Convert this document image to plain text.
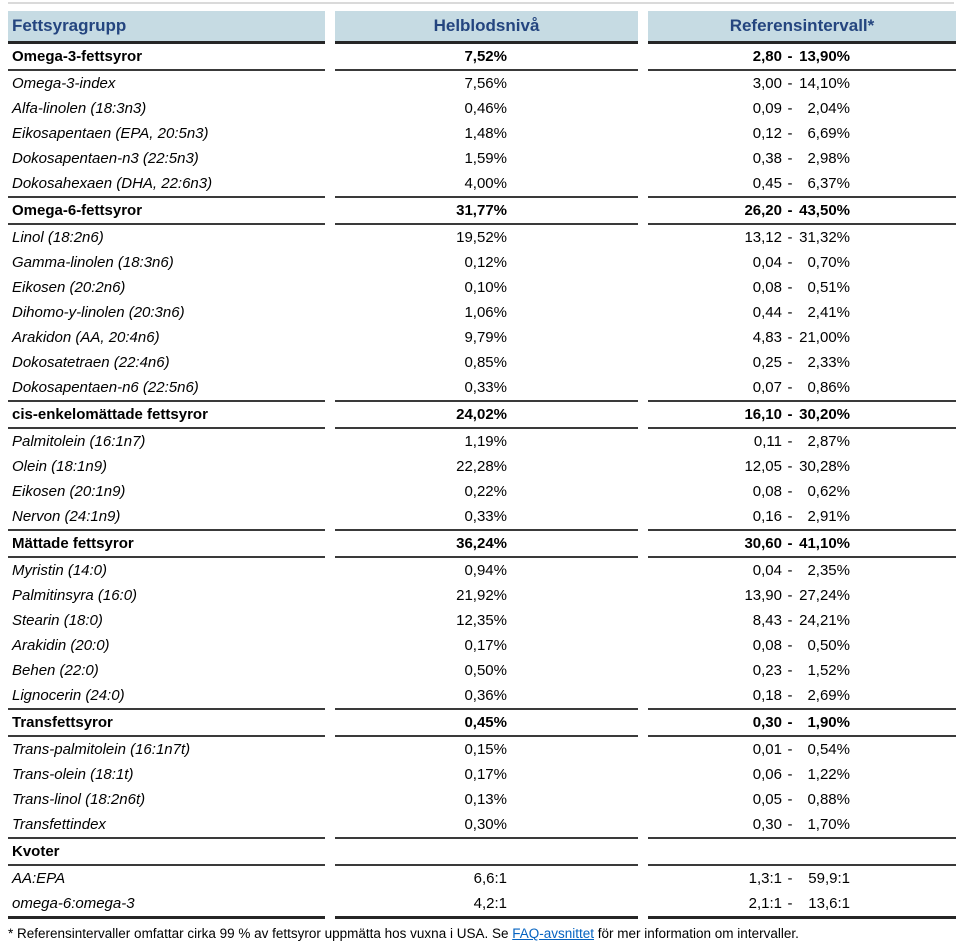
Fettsyragrupp	Helblodsnivå	Referensintervall*
Omega-3-fettsyror	7,52%	2,80 - 13,90%

Omega-3-index	7,56%	3,00 - 14,10%

Alfa-linolen (18:3n3)	0,46%	0,09 - 2,04%

Eikosapentaen (EPA, 20:5n3)	1,48%	0,12 - 6,69%

Dokosapentaen-n3 (22:5n3)	1,59%	0,38 - 2,98%

Dokosahexaen (DHA, 22:6n3)	4,00%	0,45 - 6,37%

Omega-6-fettsyror	31,77%	26,20 - 43,50%

Linol (18:2n6)	19,52%	13,12 - 31,32%

Gamma-linolen (18:3n6)	0,12%	0,04 - 0,70%

Eikosen (20:2n6)	0,10%	0,08 - 0,51%

Dihomo-y-linolen (20:3n6)	1,06%	0,44 - 2,41%

Arakidon (AA, 20:4n6)	9,79%	4,83 - 21,00%

Dokosatetraen (22:4n6)	0,85%	0,25 - 2,33%

Dokosapentaen-n6 (22:5n6)	0,33%	0,07 - 0,86%

cis-enkelomättade fettsyror	24,02%	16,10 - 30,20%

Palmitolein (16:1n7)	1,19%	0,11 - 2,87%

Olein (18:1n9)	22,28%	12,05 - 30,28%

Eikosen (20:1n9)	0,22%	0,08 - 0,62%

Nervon (24:1n9)	0,33%	0,16 - 2,91%

Mättade fettsyror	36,24%	30,60 - 41,10%

Myristin (14:0)	0,94%	0,04 - 2,35%

Palmitinsyra (16:0)	21,92%	13,90 - 27,24%

Stearin (18:0)	12,35%	8,43 - 24,21%

Arakidin (20:0)	0,17%	0,08 - 0,50%

Behen (22:0)	0,50%	0,23 - 1,52%

Lignocerin (24:0)	0,36%	0,18 - 2,69%

Transfettsyror	0,45%	0,30 - 1,90%

Trans-palmitolein (16:1n7t)	0,15%	0,01 - 0,54%

Trans-olein (18:1t)	0,17%	0,06 - 1,22%

Trans-linol (18:2n6t)	0,13%	0,05 - 0,88%

Transfettindex	0,30%	0,30 - 1,70%

Kvoter	

AA:EPA	6,6:1	1,3:1 - 59,9:1

omega-6:omega-3	4,2:1	2,1:1 - 13,6:1
* Referensintervaller omfattar cirka 99 % av fettsyror uppmätta hos vuxna i USA. Se FAQ-avsnittet för mer information om intervaller.
